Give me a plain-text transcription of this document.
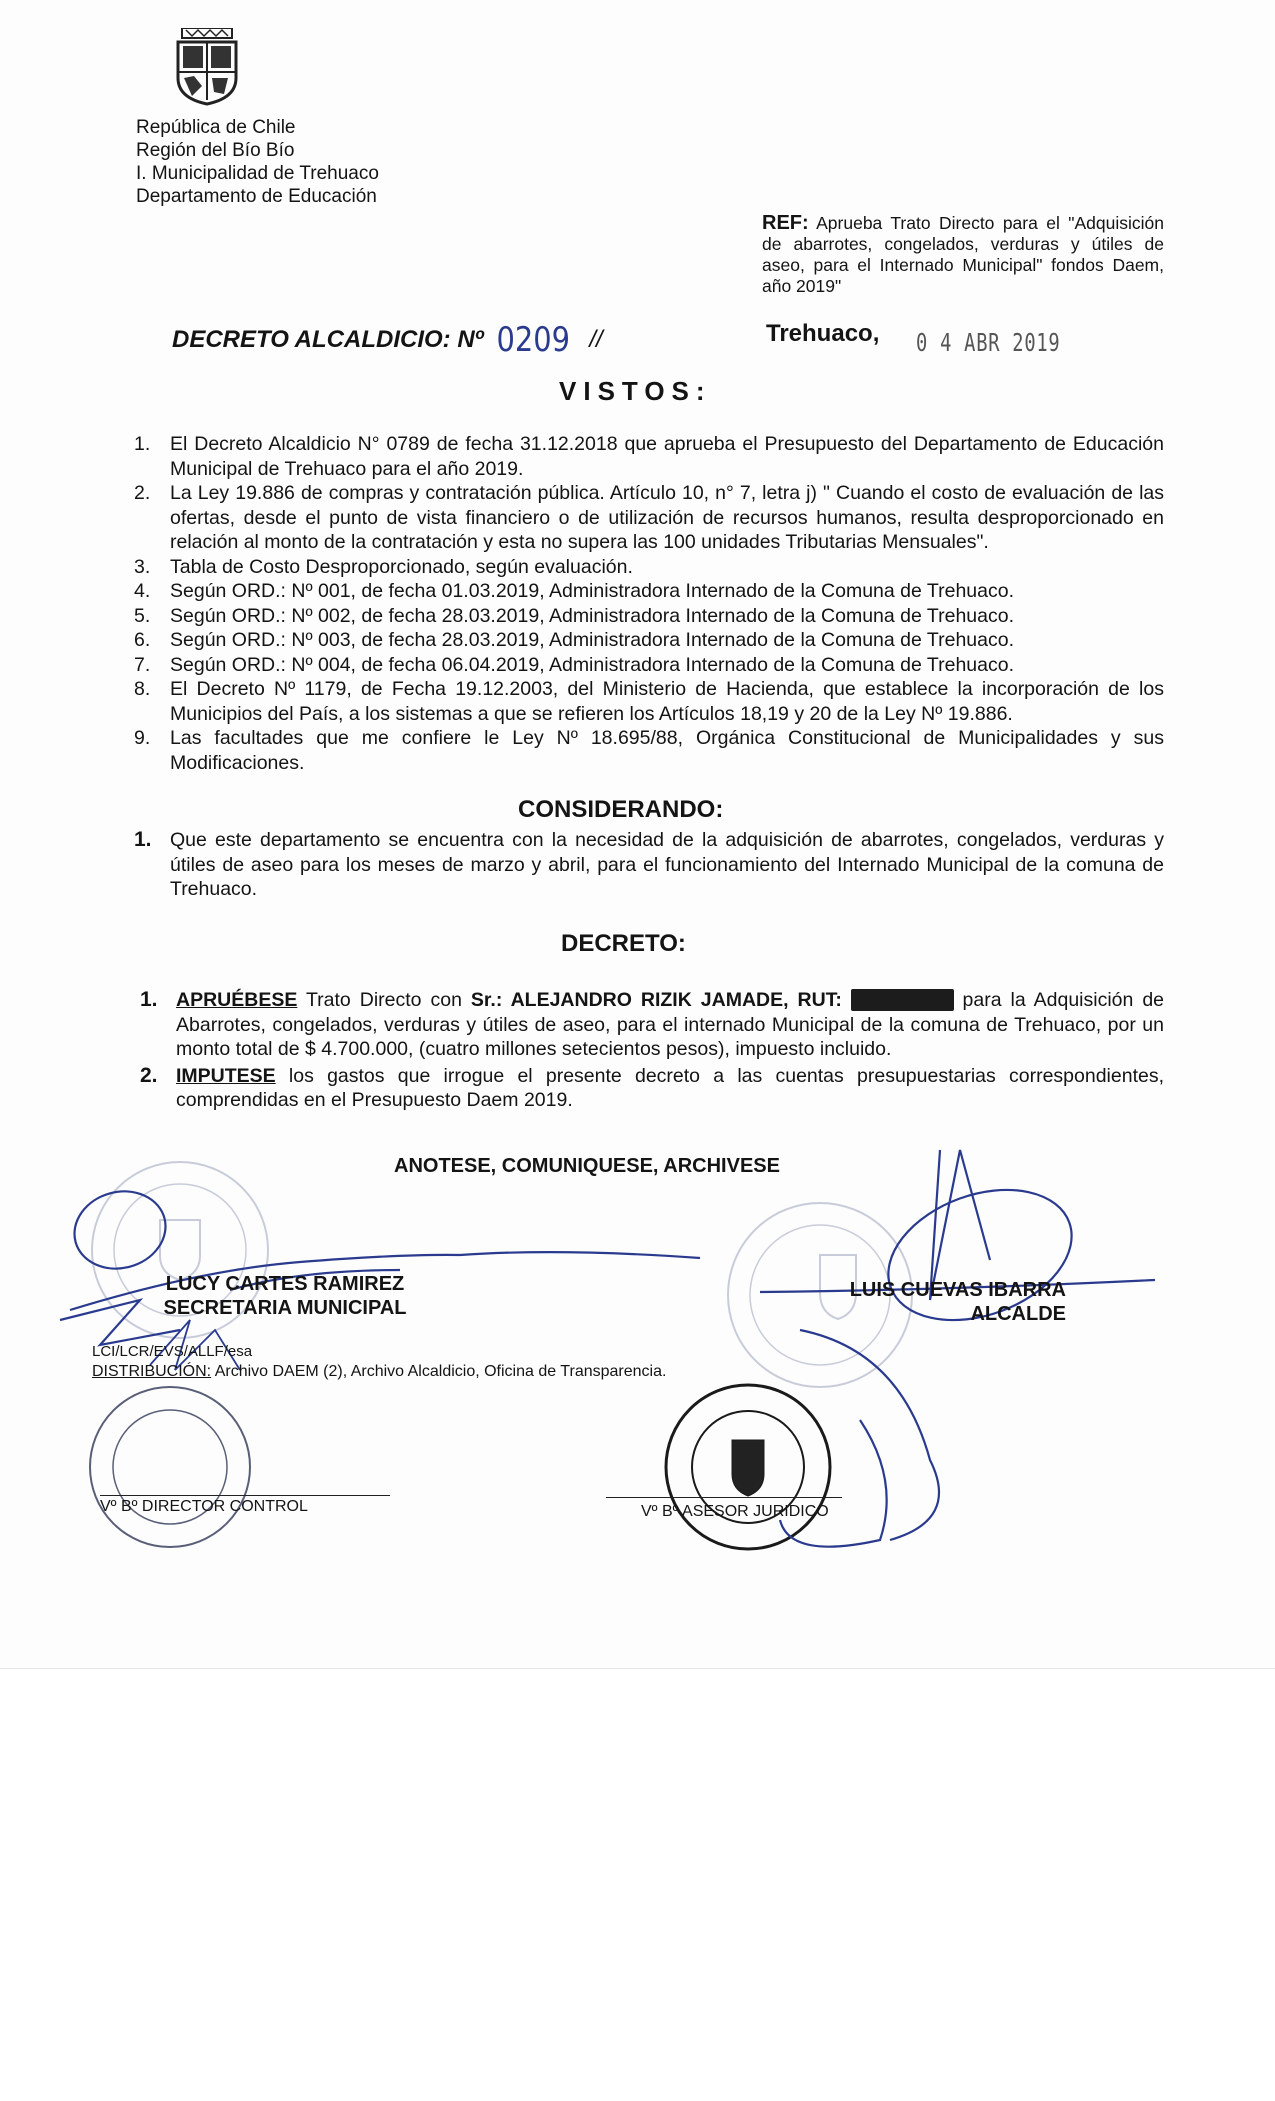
República de Chile
Región del Bío Bío
I. Municipalidad de Trehuaco
Departamento de Educación
REF: Aprueba Trato Directo para el "Adquisición de abarrotes, congelados, verduras y útiles de aseo, para el Internado Municipal" fondos Daem, año 2019"
DECRETO ALCALDICIO: Nº 0209 //	Trehuaco, 0 4 ABR 2019
VISTOS:
1.	El Decreto Alcaldicio N° 0789 de fecha 31.12.2018 que aprueba el Presupuesto del Departamento de Educación Municipal de Trehuaco para el año 2019.
2.	La Ley 19.886 de compras y contratación pública. Artículo 10, n° 7, letra j) " Cuando el costo de evaluación de las ofertas, desde el punto de vista financiero o de utilización de recursos humanos, resulta desproporcionado en relación al monto de la contratación y esta no supera las 100 unidades Tributarias Mensuales".
3.	Tabla de Costo Desproporcionado, según evaluación.
4.	Según ORD.: Nº 001, de fecha 01.03.2019, Administradora Internado de la Comuna de Trehuaco.
5.	Según ORD.: Nº 002, de fecha 28.03.2019, Administradora Internado de la Comuna de Trehuaco.
6.	Según ORD.: Nº 003, de fecha 28.03.2019, Administradora Internado de la Comuna de Trehuaco.
7.	Según ORD.: Nº 004, de fecha 06.04.2019, Administradora Internado de la Comuna de Trehuaco.
8.	El Decreto Nº 1179, de Fecha 19.12.2003, del Ministerio de Hacienda, que establece la incorporación de los Municipios del País, a los sistemas a que se refieren los Artículos 18,19 y 20 de la Ley Nº 19.886.
9.	Las facultades que me confiere le Ley Nº 18.695/88, Orgánica Constitucional de Municipalidades y sus Modificaciones.
CONSIDERANDO:
1. Que este departamento se encuentra con la necesidad de la adquisición de abarrotes, congelados, verduras y útiles de aseo para los meses de marzo y abril, para el funcionamiento del Internado Municipal de la comuna de Trehuaco.
DECRETO:
1. APRUÉBESE Trato Directo con Sr.: ALEJANDRO RIZIK JAMADE, RUT: 6.319077-2 para la Adquisición de Abarrotes, congelados, verduras y útiles de aseo, para el internado Municipal de la comuna de Trehuaco, por un monto total de $ 4.700.000, (cuatro millones setecientos pesos), impuesto incluido.
2. IMPUTESE los gastos que irrogue el presente decreto a las cuentas presupuestarias correspondientes, comprendidas en el Presupuesto Daem 2019.
ANOTESE, COMUNIQUESE, ARCHIVESE
LUCY CARTES RAMIREZ
SECRETARIA MUNICIPAL
LUIS CUEVAS IBARRA
ALCALDE
LCI/LCR/EVS/ALLF/esa
DISTRIBUCIÓN: Archivo DAEM (2), Archivo Alcaldicio, Oficina de Transparencia.
Vº Bº DIRECTOR CONTROL	Vº Bº ASESOR JURIDICO
